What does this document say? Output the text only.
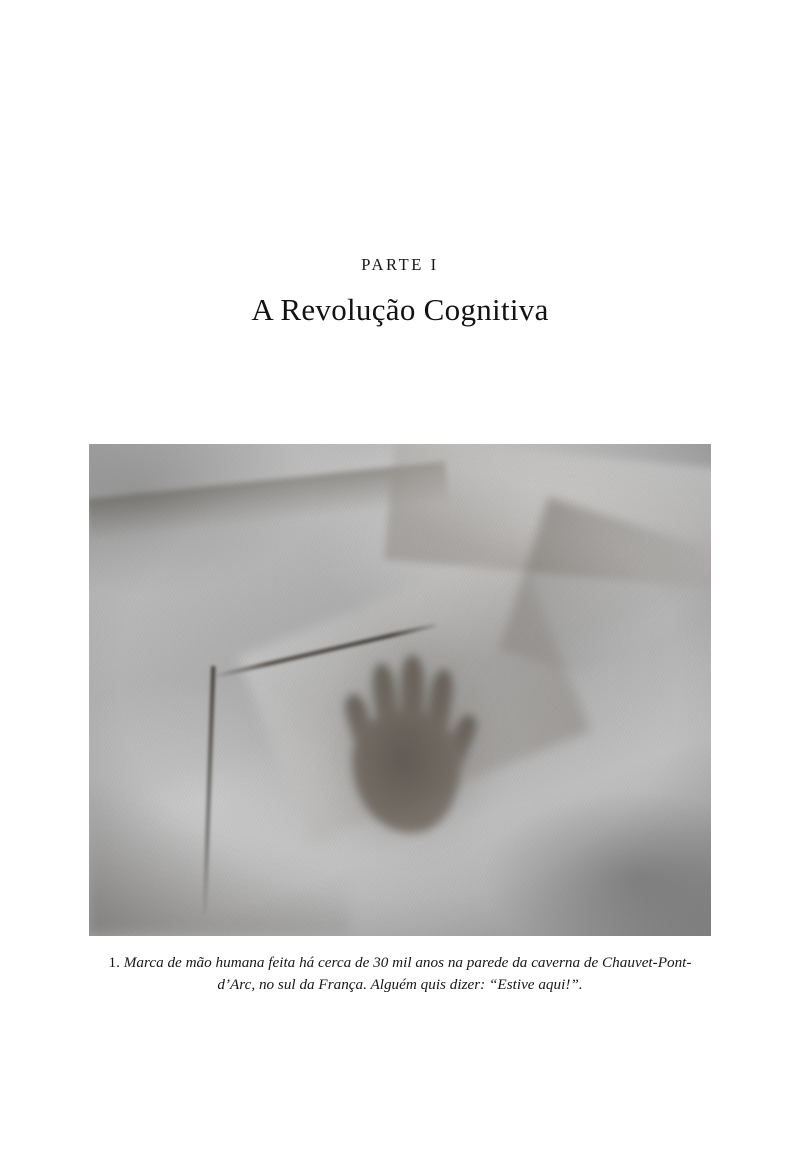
PARTE I
A Revolução Cognitiva
1. Marca de mão humana feita há cerca de 30 mil anos na parede da caverna de Chauvet-Pont-d’Arc, no sul da França. Alguém quis dizer: “Estive aqui!”.
